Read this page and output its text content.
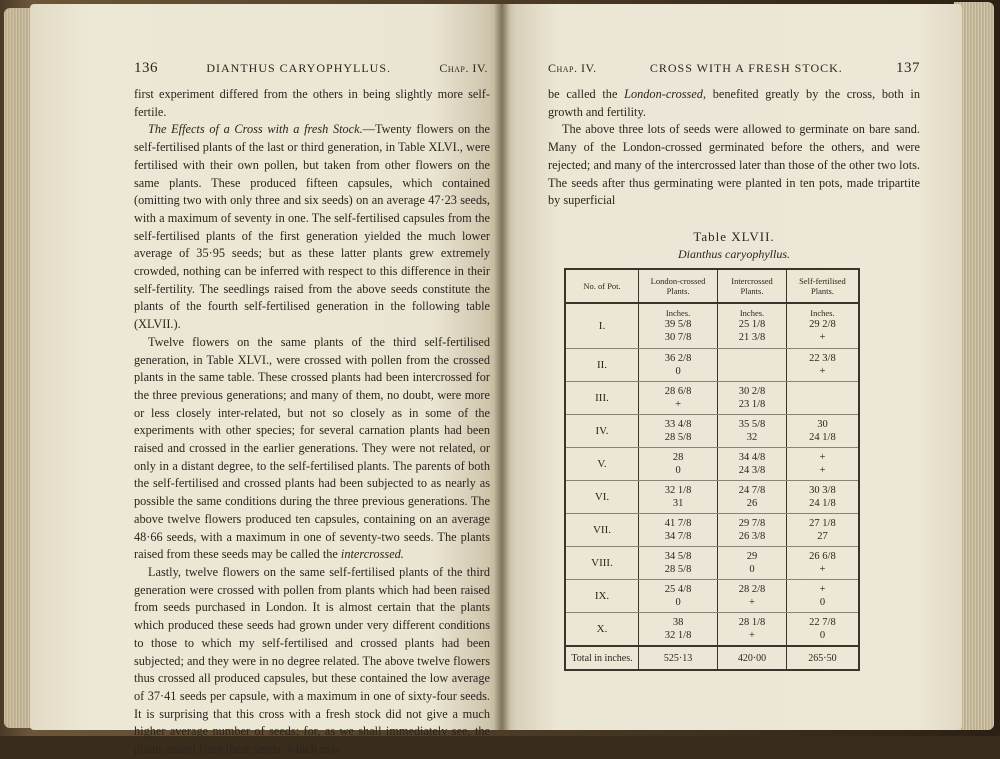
136	DIANTHUS CARYOPHYLLUS.	Chap. IV.

first experiment differed from the others in being slightly more self-fertile.

The Effects of a Cross with a fresh Stock.—Twenty flowers on the self-fertilised plants of the last or third generation, in Table XLVI., were fertilised with their own pollen, but taken from other flowers on the same plants. These produced fifteen capsules, which contained (omitting two with only three and six seeds) on an average 47·23 seeds, with a maximum of seventy in one. The self-fertilised capsules from the self-fertilised plants of the first generation yielded the much lower average of 35·95 seeds; but as these latter plants grew extremely crowded, nothing can be inferred with respect to this difference in their self-fertility. The seedlings raised from the above seeds constitute the plants of the fourth self-fertilised generation in the following table (XLVII.).

Twelve flowers on the same plants of the third self-fertilised generation, in Table XLVI., were crossed with pollen from the crossed plants in the same table. These crossed plants had been intercrossed for the three previous generations; and many of them, no doubt, were more or less closely inter-related, but not so closely as in some of the experiments with other species; for several carnation plants had been raised and crossed in the earlier generations. They were not related, or only in a distant degree, to the self-fertilised plants. The parents of both the self-fertilised and crossed plants had been subjected to as nearly as possible the same conditions during the three previous generations. The above twelve flowers produced ten capsules, containing on an average 48·66 seeds, with a maximum in one of seventy-two seeds. The plants raised from these seeds may be called the intercrossed.

Lastly, twelve flowers on the same self-fertilised plants of the third generation were crossed with pollen from plants which had been raised from seeds purchased in London. It is almost certain that the plants which produced these seeds had grown under very different conditions to those to which my self-fertilised and crossed plants had been subjected; and they were in no degree related. The above twelve flowers thus crossed all produced capsules, but these contained the low average of 37·41 seeds per capsule, with a maximum in one of sixty-four seeds. It is surprising that this cross with a fresh stock did not give a much higher average number of seeds; for, as we shall immediately see, the plants raised from these seeds, which may

Chap. IV.	CROSS WITH A FRESH STOCK.	137

be called the London-crossed, benefited greatly by the cross, both in growth and fertility.

The above three lots of seeds were allowed to germinate on bare sand. Many of the London-crossed germinated before the others, and were rejected; and many of the intercrossed later than those of the other two lots. The seeds after thus germinating were planted in ten pots, made tripartite by superficial

Table XLVII.
Dianthus caryophyllus.
No. of Pot.	London-crossed Plants.	Intercrossed Plants.	Self-fertilised Plants.
I.	Inches.
39 5/8
30 7/8	Inches.
25 1/8
21 3/8	Inches.
29 2/8
+

II.	36 2/8
0		22 3/8
+

III.	28 6/8
+	30 2/8
23 1/8	

IV.	33 4/8
28 5/8	35 5/8
32	30
24 1/8

V.	28
0	34 4/8
24 3/8	+
+

VI.	32 1/8
31	24 7/8
26	30 3/8
24 1/8

VII.	41 7/8
34 7/8	29 7/8
26 3/8	27 1/8
27

VIII.	34 5/8
28 5/8	29
0	26 6/8
+

IX.	25 4/8
0	28 2/8
+	+
0

X.	38
32 1/8	28 1/8
+	22 7/8
0

Total in inches.	525·13	420·00	265·50
